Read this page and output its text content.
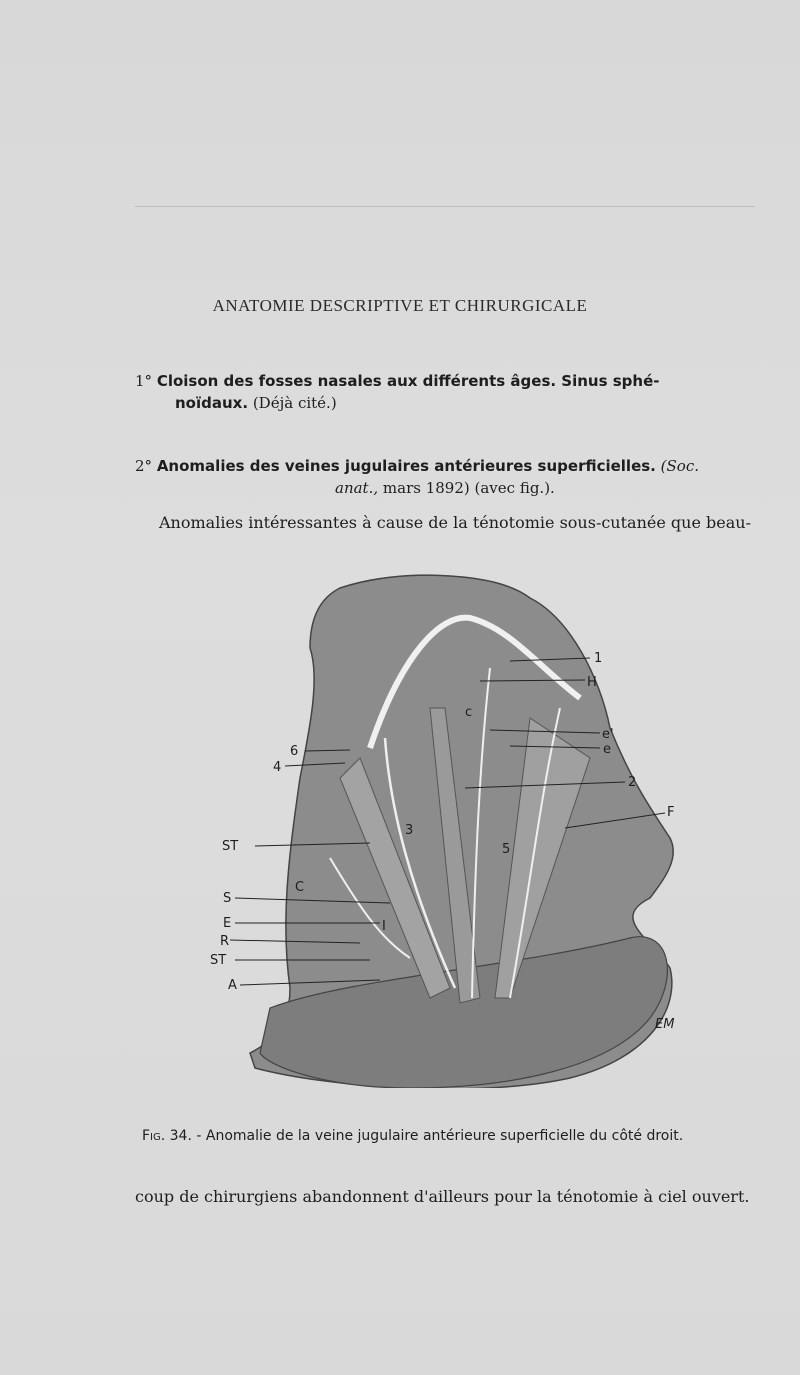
ANATOMIE DESCRIPTIVE ET CHIRURGICALE
1° Cloison des fosses nasales aux différents âges. Sinus sphé-
noïdaux. (Déjà cité.)
2° Anomalies des veines jugulaires antérieures superficielles. (Soc.
anat., mars 1892) (avec fig.).
Anomalies intéressantes à cause de la ténotomie sous-cutanée que beau-
1
H
e'
e
2
F
6
4
ST
S
E
R
ST
A
c
C
3
5
I
EM
Fig. 34. - Anomalie de la veine jugulaire antérieure superficielle du côté droit.
coup de chirurgiens abandonnent d'ailleurs pour la ténotomie à ciel ouvert.
